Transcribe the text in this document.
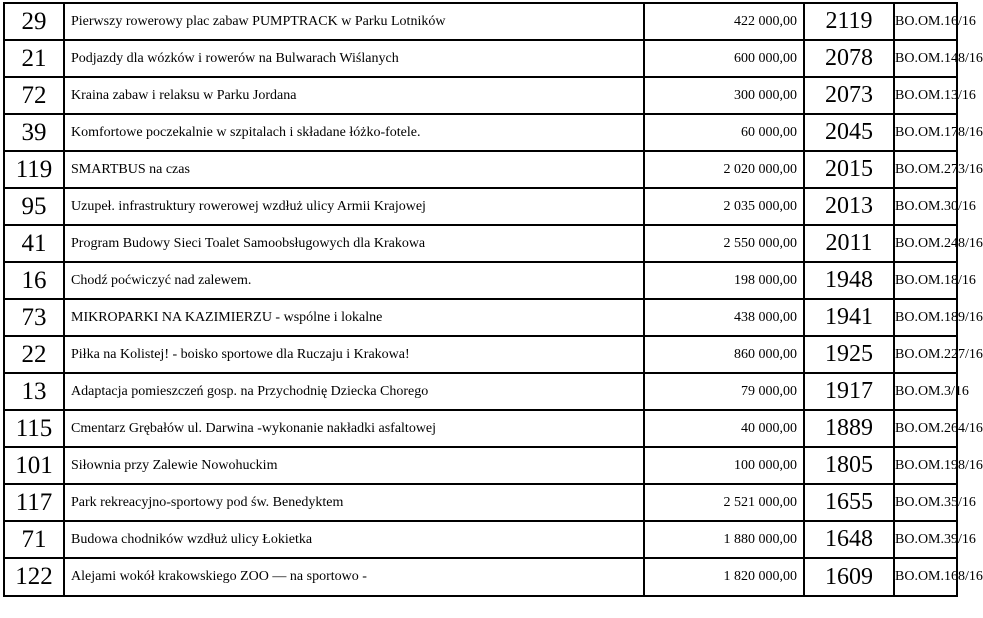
29	Pierwszy rowerowy plac zabaw PUMPTRACK w Parku Lotników	422 000,00	2119	BO.OM.16/16
21	Podjazdy dla wózków i rowerów na Bulwarach Wiślanych	600 000,00	2078	BO.OM.148/16
72	Kraina zabaw i relaksu w Parku Jordana	300 000,00	2073	BO.OM.13/16
39	Komfortowe poczekalnie w szpitalach i składane łóżko-fotele.	60 000,00	2045	BO.OM.178/16
119	SMARTBUS na czas	2 020 000,00	2015	BO.OM.273/16
95	Uzupeł. infrastruktury rowerowej wzdłuż ulicy Armii Krajowej	2 035 000,00	2013	BO.OM.30/16
41	Program Budowy Sieci Toalet Samoobsługowych dla Krakowa	2 550 000,00	2011	BO.OM.248/16
16	Chodź poćwiczyć nad zalewem.	198 000,00	1948	BO.OM.18/16
73	MIKROPARKI NA KAZIMIERZU - wspólne i lokalne	438 000,00	1941	BO.OM.189/16
22	Piłka na Kolistej! - boisko sportowe dla Ruczaju i Krakowa!	860 000,00	1925	BO.OM.227/16
13	Adaptacja pomieszczeń gosp. na Przychodnię Dziecka Chorego	79 000,00	1917	BO.OM.3/16
115	Cmentarz Grębałów ul. Darwina -wykonanie nakładki asfaltowej	40 000,00	1889	BO.OM.264/16
101	Siłownia przy Zalewie Nowohuckim	100 000,00	1805	BO.OM.198/16
117	Park rekreacyjno-sportowy pod św. Benedyktem	2 521 000,00	1655	BO.OM.35/16
71	Budowa chodników wzdłuż ulicy Łokietka	1 880 000,00	1648	BO.OM.39/16
122	Alejami wokół krakowskiego ZOO — na sportowo -	1 820 000,00	1609	BO.OM.168/16
